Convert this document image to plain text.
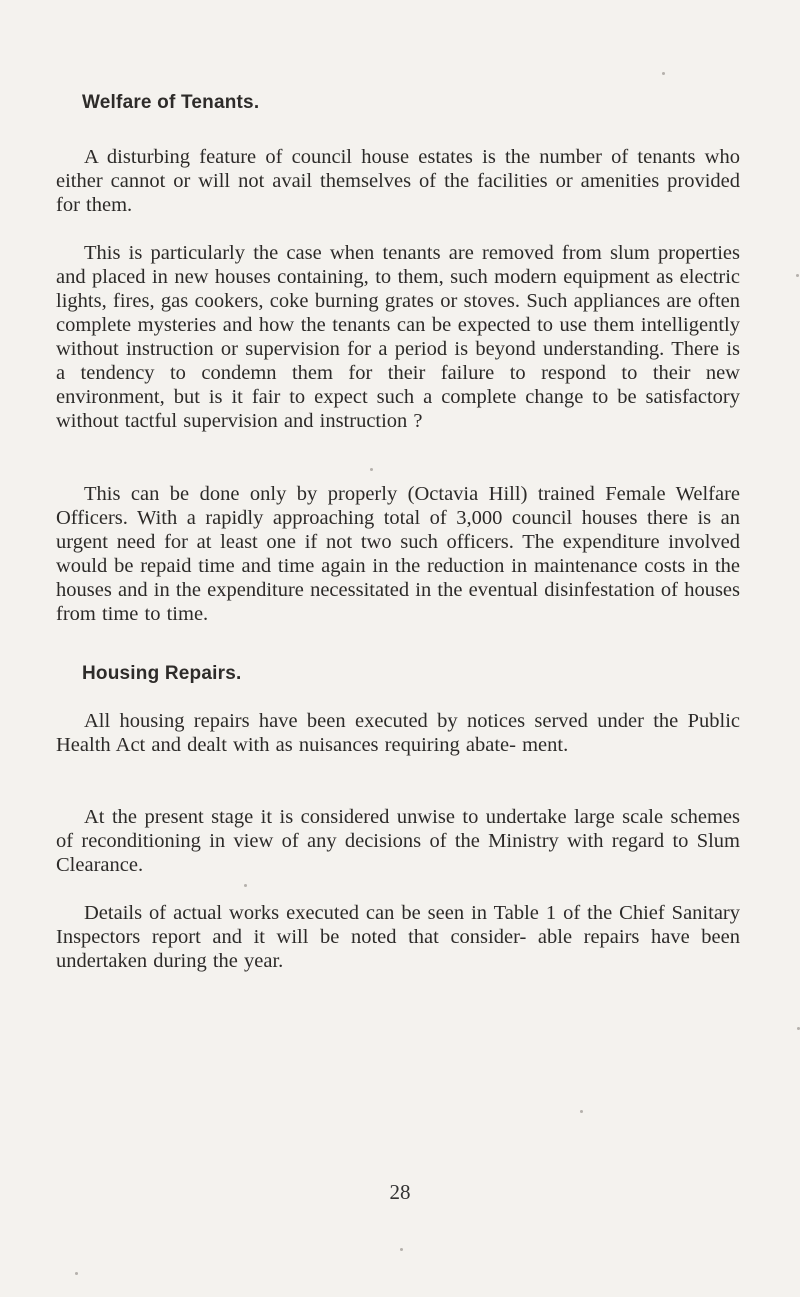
Welfare of Tenants.

A disturbing feature of council house estates is the number of tenants who either cannot or will not avail themselves of the facilities or amenities provided for them.

This is particularly the case when tenants are removed from slum properties and placed in new houses containing, to them, such modern equipment as electric lights, fires, gas cookers, coke burning grates or stoves. Such appliances are often complete mysteries and how the tenants can be expected to use them intelligently without instruction or supervision for a period is beyond understanding. There is a tendency to condemn them for their failure to respond to their new environment, but is it fair to expect such a complete change to be satisfactory without tactful supervision and instruction ?

This can be done only by properly (Octavia Hill) trained Female Welfare Officers. With a rapidly approaching total of 3,000 council houses there is an urgent need for at least one if not two such officers. The expenditure involved would be repaid time and time again in the reduction in maintenance costs in the houses and in the expenditure necessitated in the eventual disinfestation of houses from time to time.

Housing Repairs.

All housing repairs have been executed by notices served under the Public Health Act and dealt with as nuisances requiring abate- ment.

At the present stage it is considered unwise to undertake large scale schemes of reconditioning in view of any decisions of the Ministry with regard to Slum Clearance.

Details of actual works executed can be seen in Table 1 of the Chief Sanitary Inspectors report and it will be noted that consider- able repairs have been undertaken during the year.

28
